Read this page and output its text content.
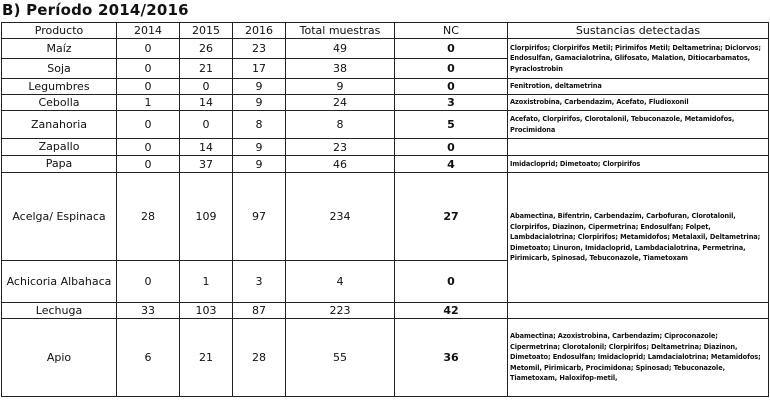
B) Período 2014/2016
Producto	2014	2015	2016	Total muestras	NC	Sustancias detectadas
Maíz	0	26	23	49	0	Clorpirifos; Clorpirifos Metil; Pirimifos Metil; Deltametrina; Diclorvos; Endosulfan, Gamacialotrina, Glifosato, Malation, Ditiocarbamatos, Pyraclostrobin
Soja	0	21	17	38	0	
Legumbres	0	0	9	9	0	Fenitrotion, deltametrina
Cebolla	1	14	9	24	3	Azoxistrobina, Carbendazim, Acefato, Fludioxonil
Zanahoria	0	0	8	8	5	Acefato, Clorpirifos, Clorotalonil, Tebuconazole, Metamidofos, Procimidona
Zapallo	0	14	9	23	0	
Papa	0	37	9	46	4	Imidacloprid; Dimetoato; Clorpirifos
Acelga/ Espinaca	28	109	97	234	27	Abamectina, Bifentrin, Carbendazim, Carbofuran, Clorotalonil, Clorpirifos, Diazinon, Cipermetrina; Endosulfan; Folpet, Lambdacialotrina; Clorpirifos; Metamidofos; Metalaxil, Deltametrina; Dimetoato; Linuron, Imidacloprid, Lambdacialotrina, Permetrina, Pirimicarb, Spinosad, Tebuconazole, Tiametoxam
Achicoria Albahaca	0	1	3	4	0	
Lechuga	33	103	87	223	42	
Apio	6	21	28	55	36	Abamectina; Azoxistrobina, Carbendazim; Ciproconazole; Cipermetrina; Clorotalonil; Clorpirifos; Deltametrina; Diazinon, Dimetoato; Endosulfan; Imidacloprid; Lamdacialotrina; Metamidofos; Metomil, Pirimicarb, Procimidona; Spinosad; Tebuconazole, Tiametoxam, Haloxifop-metil,
